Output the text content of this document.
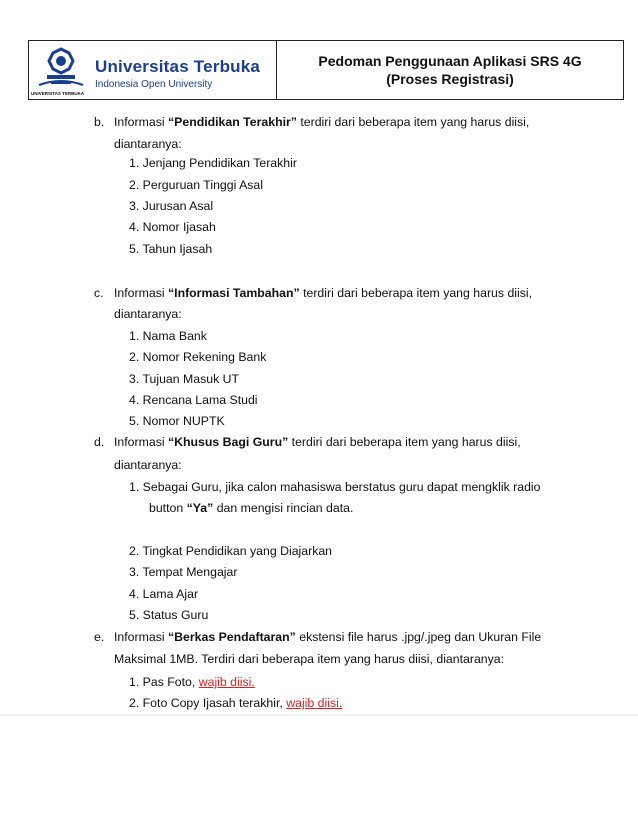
Universitas Terbuka
Indonesia Open University
UNIVERSITAS TERBUKA
Pedoman Penggunaan Aplikasi SRS 4G
(Proses Registrasi)
b. Informasi “Pendidikan Terakhir” terdiri dari beberapa item yang harus diisi,
diantaranya:
1. Jenjang Pendidikan Terakhir
2. Perguruan Tinggi Asal
3. Jurusan Asal
4. Nomor Ijasah
5. Tahun Ijasah
c. Informasi “Informasi Tambahan” terdiri dari beberapa item yang harus diisi,
diantaranya:
1. Nama Bank
2. Nomor Rekening Bank
3. Tujuan Masuk UT
4. Rencana Lama Studi
5. Nomor NUPTK
d. Informasi “Khusus Bagi Guru” terdiri dari beberapa item yang harus diisi,
diantaranya:
1. Sebagai Guru, jika calon mahasiswa berstatus guru dapat mengklik radio
button “Ya” dan mengisi rincian data.
2. Tingkat Pendidikan yang Diajarkan
3. Tempat Mengajar
4. Lama Ajar
5. Status Guru
e. Informasi “Berkas Pendaftaran” ekstensi file harus .jpg/.jpeg dan Ukuran File
Maksimal 1MB. Terdiri dari beberapa item yang harus diisi, diantaranya:
1. Pas Foto, wajib diisi.
2. Foto Copy Ijasah terakhir, wajib diisi.
